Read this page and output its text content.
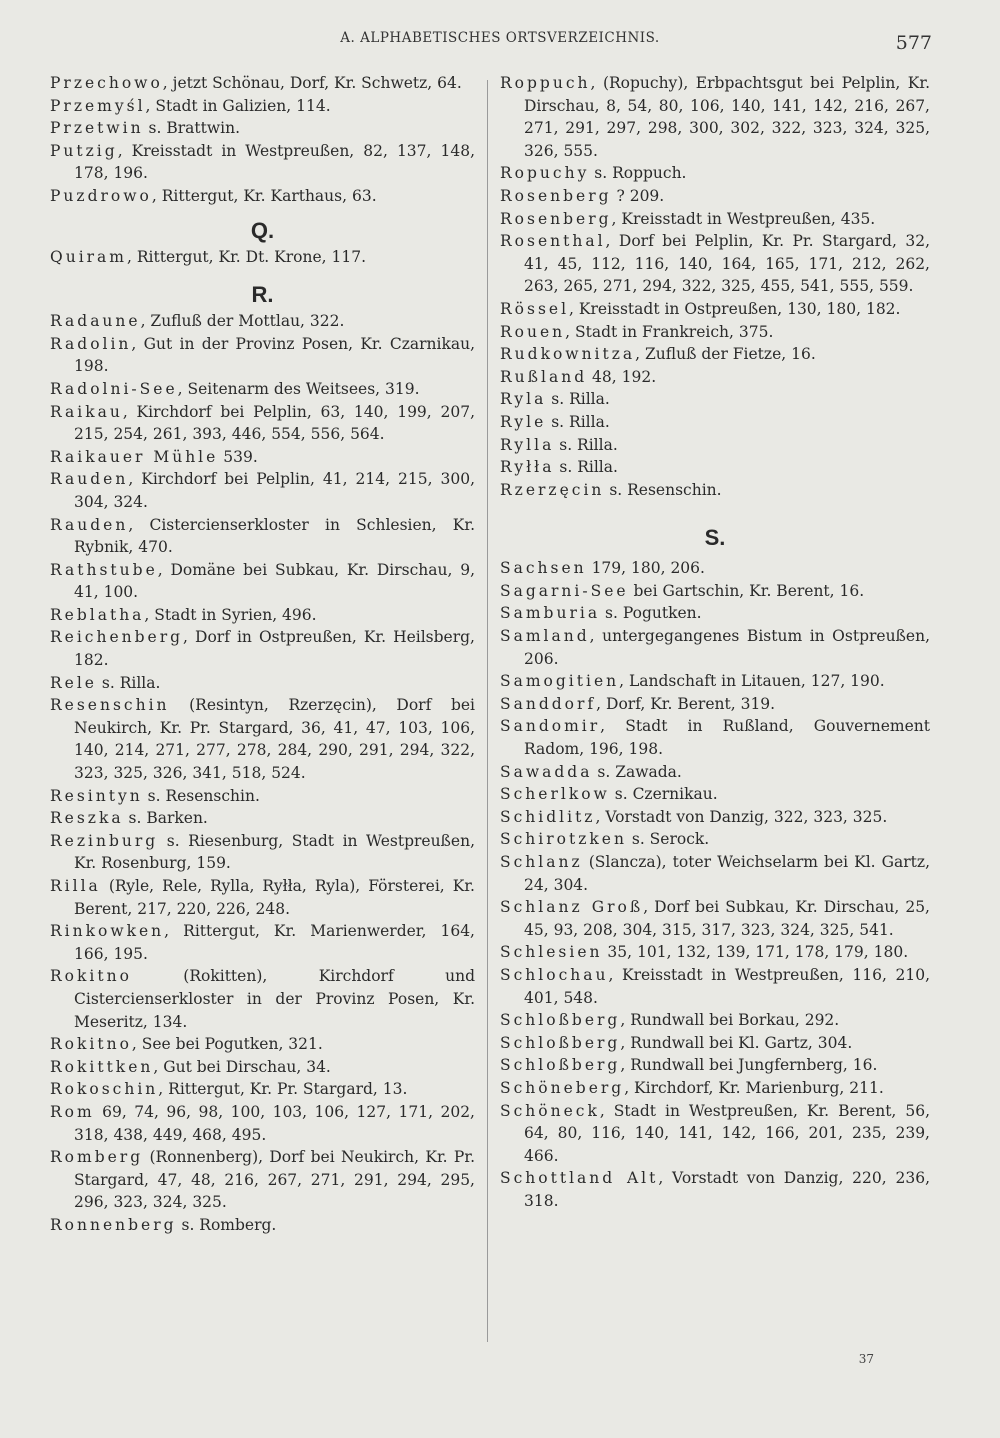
A. ALPHABETISCHES ORTSVERZEICHNIS.	577

Przechowo, jetzt Schönau, Dorf, Kr. Schwetz, 64.

Przemyśl, Stadt in Galizien, 114.

Przetwin s. Brattwin.

Putzig, Kreisstadt in Westpreußen, 82, 137, 148, 178, 196.

Puzdrowo, Rittergut, Kr. Karthaus, 63.

Q.

Quiram, Rittergut, Kr. Dt. Krone, 117.

R.

Radaune, Zufluß der Mottlau, 322.

Radolin, Gut in der Provinz Posen, Kr. Czarnikau, 198.

Radolni-See, Seitenarm des Weitsees, 319.

Raikau, Kirchdorf bei Pelplin, 63, 140, 199, 207, 215, 254, 261, 393, 446, 554, 556, 564.

Raikauer Mühle 539.

Rauden, Kirchdorf bei Pelplin, 41, 214, 215, 300, 304, 324.

Rauden, Cistercienserkloster in Schlesien, Kr. Rybnik, 470.

Rathstube, Domäne bei Subkau, Kr. Dirschau, 9, 41, 100.

Reblatha, Stadt in Syrien, 496.

Reichenberg, Dorf in Ostpreußen, Kr. Heilsberg, 182.

Rele s. Rilla.

Resenschin (Resintyn, Rzerzęcin), Dorf bei Neukirch, Kr. Pr. Stargard, 36, 41, 47, 103, 106, 140, 214, 271, 277, 278, 284, 290, 291, 294, 322, 323, 325, 326, 341, 518, 524.

Resintyn s. Resenschin.

Reszka s. Barken.

Rezinburg s. Riesenburg, Stadt in Westpreußen, Kr. Rosenburg, 159.

Rilla (Ryle, Rele, Rylla, Ryłła, Ryla), Försterei, Kr. Berent, 217, 220, 226, 248.

Rinkowken, Rittergut, Kr. Marienwerder, 164, 166, 195.

Rokitno (Rokitten), Kirchdorf und Cistercienserkloster in der Provinz Posen, Kr. Meseritz, 134.

Rokitno, See bei Pogutken, 321.

Rokittken, Gut bei Dirschau, 34.

Rokoschin, Rittergut, Kr. Pr. Stargard, 13.

Rom 69, 74, 96, 98, 100, 103, 106, 127, 171, 202, 318, 438, 449, 468, 495.

Romberg (Ronnenberg), Dorf bei Neukirch, Kr. Pr. Stargard, 47, 48, 216, 267, 271, 291, 294, 295, 296, 323, 324, 325.

Ronnenberg s. Romberg.

Roppuch, (Ropuchy), Erbpachtsgut bei Pelplin, Kr. Dirschau, 8, 54, 80, 106, 140, 141, 142, 216, 267, 271, 291, 297, 298, 300, 302, 322, 323, 324, 325, 326, 555.

Ropuchy s. Roppuch.

Rosenberg ? 209.

Rosenberg, Kreisstadt in Westpreußen, 435.

Rosenthal, Dorf bei Pelplin, Kr. Pr. Stargard, 32, 41, 45, 112, 116, 140, 164, 165, 171, 212, 262, 263, 265, 271, 294, 322, 325, 455, 541, 555, 559.

Rössel, Kreisstadt in Ostpreußen, 130, 180, 182.

Rouen, Stadt in Frankreich, 375.

Rudkownitza, Zufluß der Fietze, 16.

Rußland 48, 192.

Ryla s. Rilla.

Ryle s. Rilla.

Rylla s. Rilla.

Ryłła s. Rilla.

Rzerzęcin s. Resenschin.

S.

Sachsen 179, 180, 206.

Sagarni-See bei Gartschin, Kr. Berent, 16.

Samburia s. Pogutken.

Samland, untergegangenes Bistum in Ostpreußen, 206.

Samogitien, Landschaft in Litauen, 127, 190.

Sanddorf, Dorf, Kr. Berent, 319.

Sandomir, Stadt in Rußland, Gouvernement Radom, 196, 198.

Sawadda s. Zawada.

Scherlkow s. Czernikau.

Schidlitz, Vorstadt von Danzig, 322, 323, 325.

Schirotzken s. Serock.

Schlanz (Slancza), toter Weichselarm bei Kl. Gartz, 24, 304.

Schlanz Groß, Dorf bei Subkau, Kr. Dirschau, 25, 45, 93, 208, 304, 315, 317, 323, 324, 325, 541.

Schlesien 35, 101, 132, 139, 171, 178, 179, 180.

Schlochau, Kreisstadt in Westpreußen, 116, 210, 401, 548.

Schloßberg, Rundwall bei Borkau, 292.

Schloßberg, Rundwall bei Kl. Gartz, 304.

Schloßberg, Rundwall bei Jungfernberg, 16.

Schöneberg, Kirchdorf, Kr. Marienburg, 211.

Schöneck, Stadt in Westpreußen, Kr. Berent, 56, 64, 80, 116, 140, 141, 142, 166, 201, 235, 239, 466.

Schottland Alt, Vorstadt von Danzig, 220, 236, 318.

37
